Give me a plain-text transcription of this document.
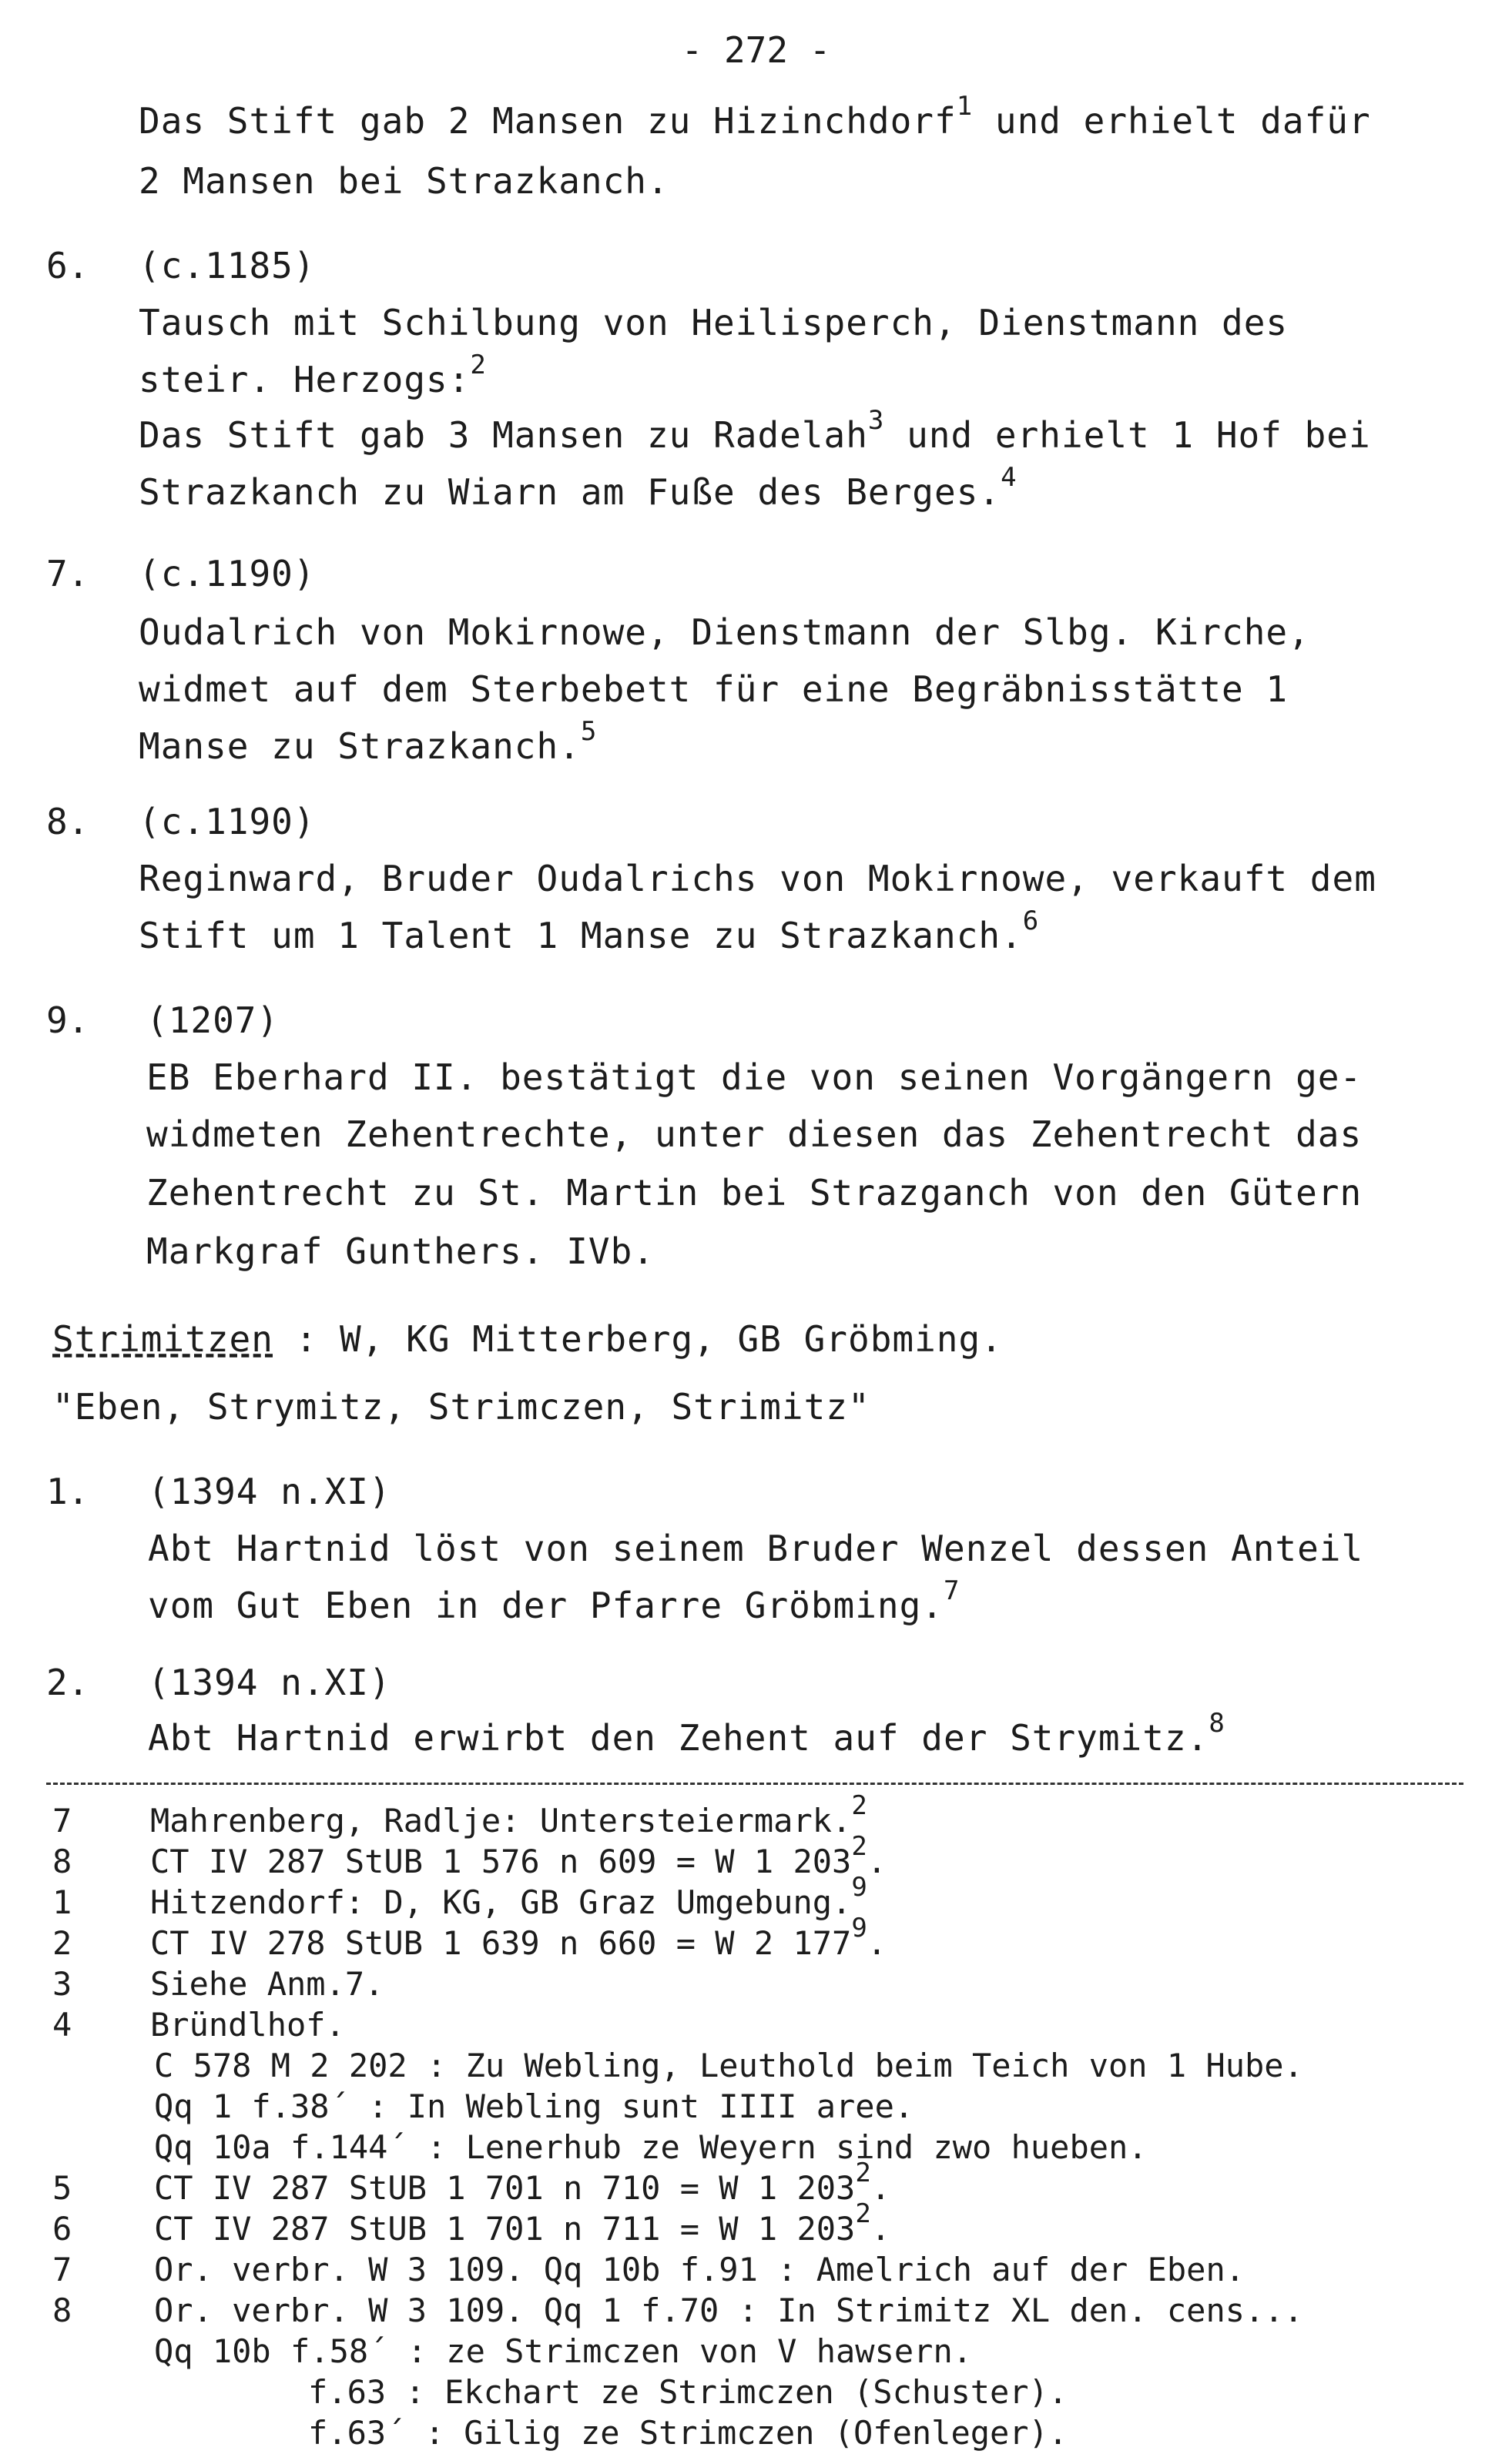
- 272 -
Das Stift gab 2 Mansen zu Hizinchdorf$^1$ und erhielt dafür
2 Mansen bei Strazkanch.
6. (c.1185)
Tausch mit Schilbung von Heilisperch, Dienstmann des
steir. Herzogs:$^2$
Das Stift gab 3 Mansen zu Radelah$^3$ und erhielt 1 Hof bei
Strazkanch zu Wiarn am Fuße des Berges.$^4$
7. (c.1190)
Oudalrich von Mokirnowe, Dienstmann der Slbg. Kirche,
widmet auf dem Sterbebett für eine Begräbnisstätte 1
Manse zu Strazkanch.$^5$
8. (c.1190)
Reginward, Bruder Oudalrichs von Mokirnowe, verkauft dem
Stift um 1 Talent 1 Manse zu Strazkanch.$^6$
9. (1207)
EB Eberhard II. bestätigt die von seinen Vorgängern ge-
widmeten Zehentrechte, unter diesen das Zehentrecht das
Zehentrecht zu St. Martin bei Strazganch von den Gütern
Markgraf Gunthers. IVb.
Strimitzen : W, KG Mitterberg, GB Gröbming.
"Eben, Strymitz, Strimczen, Strimitz"
1. (1394 n.XI)
Abt Hartnid löst von seinem Bruder Wenzel dessen Anteil
vom Gut Eben in der Pfarre Gröbming.$^7$
2. (1394 n.XI)
Abt Hartnid erwirbt den Zehent auf der Strymitz.$^8$
7 Mahrenberg, Radlje: Untersteiermark.$^2$
8 CT IV 287 StUB 1 576 n 609 = W 1 $203^2$.
1 Hitzendorf: D, KG, GB Graz Umgebung.$^9$
2 CT IV 278 StUB 1 639 n 660 = W 2 $177^9$.
3 Siehe Anm.7.
4 Bründlhof.
C 578 M 2 202 : Zu Webling, Leuthold beim Teich von 1 Hube.
Qq 1 f.38´ : In Webling sunt IIII aree.
Qq 10a f.144´ : Lenerhub ze Weyern sind zwo hueben.
5	CT IV 287 StUB 1 701 n 710 = W 1 $203^2$.
6	CT IV 287 StUB 1 701 n 711 = W 1 $203^2$.
7	Or. verbr. W 3 109. Qq 10b f.91 : Amelrich auf der Eben.
8	Or. verbr. W 3 109. Qq 1 f.70 : In Strimitz XL den. cens...
Qq 10b f.58´ : ze Strimczen von V hawsern.
f.63 : Ekchart ze Strimczen (Schuster).
f.63´ : Gilig ze Strimczen (Ofenleger).
